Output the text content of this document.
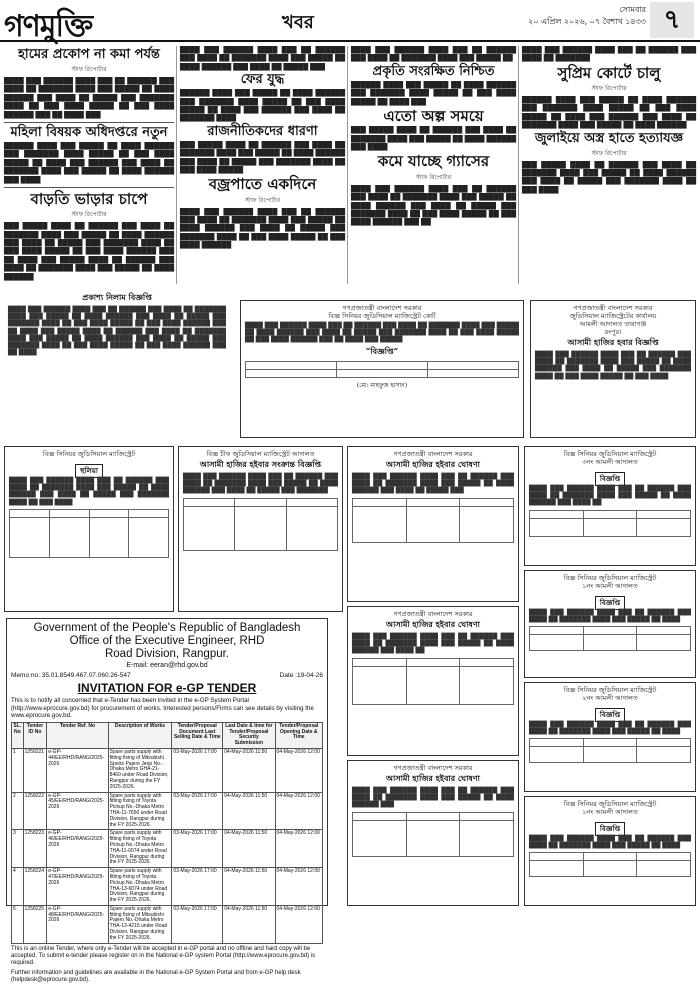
গণমুক্তি	খবর
সোমবার
২০ এপ্রিল ২০২৬, ০৭ বৈশাখ ১৪৩৩ ৭
হামের প্রকোপ না কমা পর্যন্ত
স্টাফ রিপোর্টার
████ ███ ██████ ████ ███ ██ ██████ ███ ████ ██ ███████ ████ ███ █████ ██ ████ ██████ ███ ████ ██ █████ ███ ███████ ████ ██ ███ ████ █████ ██ ███ ████ ██████ ███ ██ ████ ███
মহিলা বিষয়ক অধিদপ্তরে নতুন
██████ ████ ███ █████ ██ ████ ██████ ███ ███████ ████ █████ ██ ███ ████ █████ ██ ████ ███ ██████ ███ ████ ██ ███████ ████ ███ █████ ██ ████ ██████ ███ ████
বাড়তি ভাড়ার চাপে
স্টাফ রিপোর্টার
███ █████ ████ ██ ██████ ███ ████ ██ ███████ ████ ███ █████ ██ ████ ██████ ███ ████ ██ █████ ███ ███████ ████ ██ ███ ████ █████ ██ ███ ████ ██████ ███ ██ ████ ███ █████ ████ ██ ██████ ███ ████ ██ ███████ ████ ███ █████ ██ ████ ██████
████ ███ ██████ ████ ███ ██ ██████ ███ ████ ██ ███████ ████ ███ █████ ██ ████ ██████ ███ ████ ██ █████ ███
ফের যুদ্ধ
██████ ████ ███ █████ ██ ████ ██████ ███ ███████ ████ █████ ██ ███ ████ █████ ██ ████ ███ ██████ ███ ████ ██ ███████ ████
রাজনীতিকদের ধারণা
███ █████ ████ ██ ██████ ███ ████ ██ ███████ ████ ███ █████ ██ ████ ██████ ███ ████ ██ █████ ███ ███████ ████ ██ ███ ████ █████
বজ্রপাতে একদিনে
স্টাফ রিপোর্টার
████ ███ ██████ ████ ███ ██ ██████ ███ ████ ██ ███████ ████ ███ █████ ██ ████ ██████ ███ ████ ██ █████ ███ ███████ ████ ██ ███ ████ █████ ██ ███ ████ ██████
████ ███ ██████ ████ ███ ██ ██████ ███ ████ ██ ███████ ████ ███ █████ ██
প্রকৃতি সংরক্ষিত নিশ্চিত
██████ ████ ███ █████ ██ ████ ██████ ███ ███████ ████ █████ ██ ███ ████ █████ ██ ████ ███
এতো অল্প সময়ে
███ █████ ████ ██ ██████ ███ ████ ██ ███████ ████ ███ █████ ██ ████ ██████ ███ ████
কমে যাচ্ছে গ্যাসের
স্টাফ রিপোর্টার
████ ███ ██████ ████ ███ ██ ██████ ███ ████ ██ ███████ ████ ███ █████ ██ ████ ██████ ███ ████ ██ █████ ███ ███████ ████ ██ ███ ████ █████ ██ ███ ████ ██████ ███ ██
████ ███ ██████ ████ ███ ██ ██████ ███ ████ ██ ███████
সুপ্রিম কোর্টে চালু
স্টাফ রিপোর্টার
██████ ████ ███ █████ ██ ████ ██████ ███ ███████ ████ █████ ██ ███ ████ █████ ██ ████ ███ ██████ ███ ████ ██ ███████ ████ ███ █████ ██ ████ ██████
জুলাইয়ে অস্ত্র হাতে হত্যাযজ্ঞ
স্টাফ রিপোর্টার
███ █████ ████ ██ ██████ ███ ████ ██ ███████ ████ ███ █████ ██ ████ ██████ ███ ████ ██ █████ ███ ███████ ████ ██ ███ ████
প্রকাশ্য নিলাম বিজ্ঞপ্তি
████ ███ ██████ ████ ███ ██ ██████ ███ ████ ██ ███████ ████ ███ █████ ██ ████ ██████ ███ ████ ██ █████ ███ ███████ ████ ██ ███ ████ █████ ██ ███ ████ ██████ ███ ██ ████ ███ █████ ████ ██ ██████ ███ ████ ██ ███████ ████ ███ █████ ██ ████ ██████ ███ ████ ██ █████ ███ ███████ ████ ██ ███ ████ █████ ██ ███ ████ ██████ ███ ██ ████
গণপ্রজাতন্ত্রী বাংলাদেশ সরকার
বিজ্ঞ সিনিয়র জুডিসিয়াল ম্যাজিস্ট্রেট কোর্ট
████ ███ ██████ ████ ███ ██ ██████ ███ ████ ██ ███████ ████ ███ █████ ██ ████ ██████ ███ ████ ██ █████ ███ ███████ ████ ██ ███ ████ █████ ██ ███ ████ ██████ ███ ██ ████ ███ █████
“বিজ্ঞপ্তি”

(মো: মাহফুজ হাসান)
গণপ্রজাতন্ত্রী বাংলাদেশ সরকার
জুডিসিয়াল ম্যাজিস্ট্রেটের কার্যালয়
আমলী আদালত তারাগঞ্জ
রংপুর।
আসামী হাজির হবার বিজ্ঞপ্তি
████ ███ ██████ ████ ███ ██ ██████ ███ ████ ██ ███████ ████ ███ █████ ██ ████ ██████ ███ ████ ██ █████ ███ ███████ ████ ██ ███ ████ █████ ██ ███ ████
বিজ্ঞ সিনিয়র জুডিসিয়াল ম্যাজিস্ট্রেট
হুলিয়া
████ ███ ██████ ████ ███ ██ ██████ ███ ████ ██ ███████ ████ ███ █████ ██ ████ ██████ ███ ████ ██ █████ ███ ███████ ████ ██ ███ ████

বিজ্ঞ চীফ জুডিসিয়াল ম্যাজিস্ট্রেট আদালত
আসামী হাজির হইবার সংক্রান্ত বিজ্ঞপ্তি
████ ███ ██████ ████ ███ ██ ██████ ███ ████ ██ ███████ ████ ███ █████ ██ ████ ██████ ███ ████ ██ █████ ███ ███████

গণপ্রজাতন্ত্রী বাংলাদেশ সরকার
আসামী হাজির হইবার ঘোষণা
████ ███ ██████ ████ ███ ██ ██████ ███ ████ ██ ███████ ████ ███ █████ ██ ████ ██████ ███ ████ ██ █████ ███

গণপ্রজাতন্ত্রী বাংলাদেশ সরকার
আসামী হাজির হইবার ঘোষণা
████ ███ ██████ ████ ███ ██ ██████ ███ ████ ██ ███████ ████ ███ █████ ██ ████ ██████ ███ ████ ██

গণপ্রজাতন্ত্রী বাংলাদেশ সরকার
আসামী হাজির হইবার ঘোষণা
████ ███ ██████ ████ ███ ██ ██████ ███ ████ ██ ███████ ████ ███ █████ ██ ████ ██████ ███

বিজ্ঞ সিনিয়র জুডিসিয়াল ম্যাজিস্ট্রেট
৩নং আমলী আদালত
বিজ্ঞপ্তি
████ ███ ██████ ████ ███ ██ ██████ ███ ████ ██ ███████ ████ ███ █████ ██ ████ ██████ ███ ████ ██

বিজ্ঞ সিনিয়র জুডিসিয়াল ম্যাজিস্ট্রেট
১নং আমলী আদালত
বিজ্ঞপ্তি
████ ███ ██████ ████ ███ ██ ██████ ███ ████ ██ ███████ ████ ███ █████ ██ ████

বিজ্ঞ সিনিয়র জুডিসিয়াল ম্যাজিস্ট্রেট
২নং আমলী আদালত
বিজ্ঞপ্তি
████ ███ ██████ ████ ███ ██ ██████ ███ ████ ██ ███████ ████ ███ █████ ██ ████

বিজ্ঞ সিনিয়র জুডিসিয়াল ম্যাজিস্ট্রেট
১নং আমলী আদালত
বিজ্ঞপ্তি
████ ███ ██████ ████ ███ ██ ██████ ███ ████ ██ ███████ ████ ███ █████ ██ ████

Government of the People's Republic of Bangladesh
Office of the Executive Engineer, RHD
Road Division, Rangpur.
E-mail: eeran@rhd.gov.bd
Memo no: 35.01.8549.467.07.060.26-547	Date :19-04-26
INVITATION FOR e-GP TENDER
This is to notify all concerned that e-Tender has been invited in the e-GP System Portal (http://www.eprocure.gov.bd) for procurement of works. Interested persons/Firms can see details by visiting the www.eprocure.gov.bd.
SL. No	Tender ID No	Tender Ref. No	Description of Works	Tender/Proposal Document Last Selling Date & Time	Last Date & time for Tender/Proposal Security Submission	Tender/Proposal Opening Date & Time
1	1258221	e-GP-44/EE/RHD/RANG/2025-2026	Spare parts supply with fitting fixing of Mitsubishi Sports Pajero Jeep No.-Dhaka Metro GHA-21-8460 under Road Division, Rangpur during the FY 2025-2026.	03-May-2026 17:00	04-May-2026 11:50	04-May-2026 12:00
2	1258222	e-GP-45/EE/RHD/RANG/2025-2026	Spare parts supply with fitting fixing of Toyota Pickup No.-Dhaka Metro THA-11-7650 under Road Division, Rangpur during the FY 2025-2026.	03-May-2026 17:00	04-May-2026 11:50	04-May-2026 12:00
3	1258223	e-GP-46/EE/RHD/RANG/2025-2026	Spare parts supply with fitting fixing of Toyota Pickup No.-Dhaka Metro THA-11-0074 under Road Division, Rangpur during the FY 2025-2026.	03-May-2026 17:00	04-May-2026 11:50	04-May-2026 12:00
4	1258224	e-GP-47/EE/RHD/RANG/2025-2026	Spare parts supply with fitting fixing of Toyota Pickup No.-Dhaka Metro THA-13-6074 under Road Division, Rangpur during the FY 2025-2026.	03-May-2026 17:00	04-May-2026 11:50	04-May-2026 12:00
5	1258225	e-GP-48/EE/RHD/RANG/2025-2026	Spare parts supply with fitting fixing of Mitsubishi Pajero No.-Dhaka Metro THA-13-4215 under Road Division, Rangpur during the FY 2025-2026.	03-May-2026 17:00	04-May-2026 11:50	04-May-2026 12:00
This is an online Tender, where only e-Tender will be accepted in e-GP portal and no offline and hard copy will be accepted. To submit e-tender please register on in the National e-GP system Portal (http://www.eprocure.gov.bd) is required.
Further information and guidelines are available in the National e-GP System Portal and from e-GP help desk (helpdesk@eprocure.gov.bd).
